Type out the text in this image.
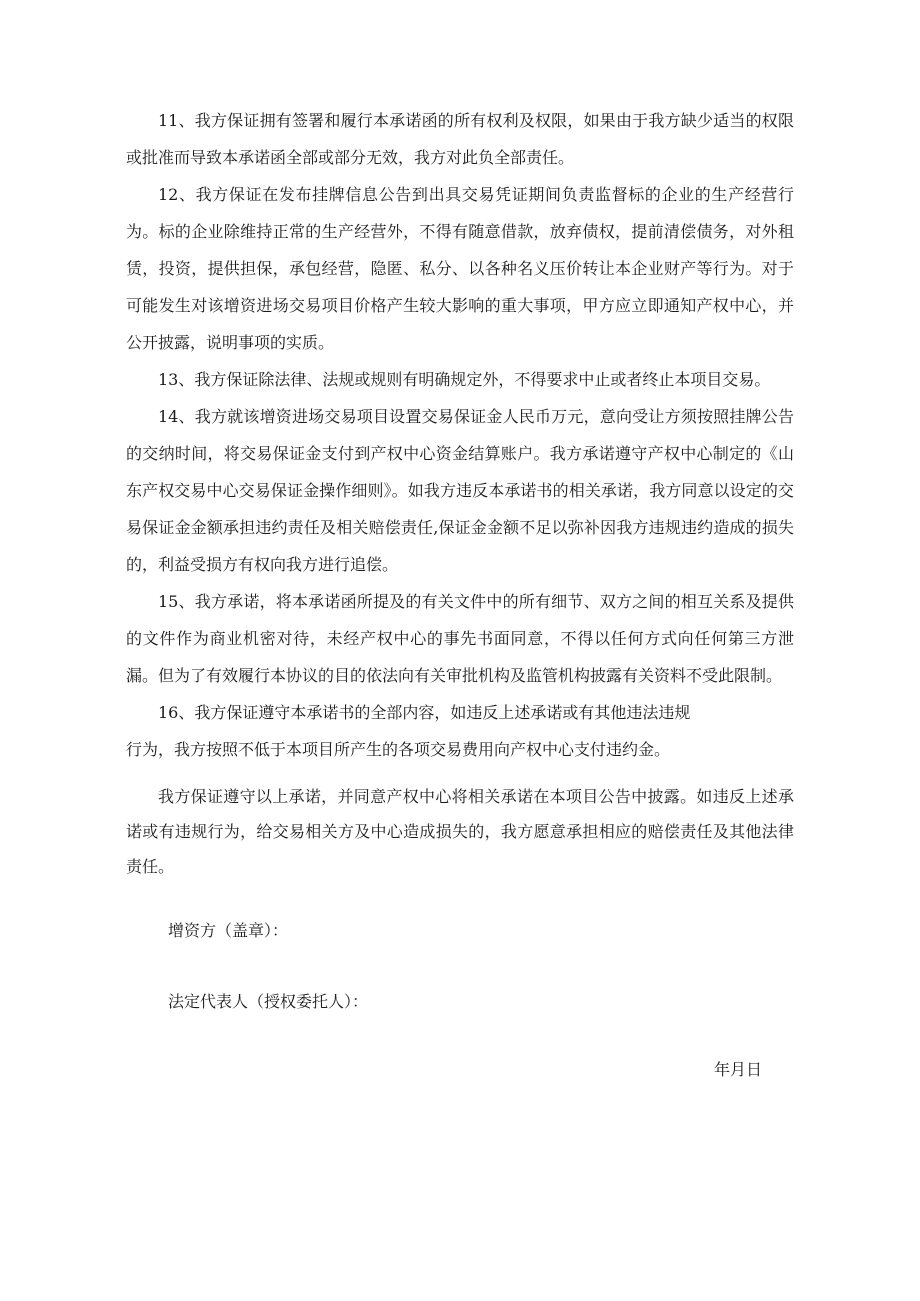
11、我方保证拥有签署和履行本承诺函的所有权利及权限，如果由于我方缺少适当的权限或批准而导致本承诺函全部或部分无效，我方对此负全部责任。

12、我方保证在发布挂牌信息公告到出具交易凭证期间负责监督标的企业的生产经营行为。标的企业除维持正常的生产经营外，不得有随意借款，放弃债权，提前清偿债务，对外租赁，投资，提供担保，承包经营，隐匿、私分、以各种名义压价转让本企业财产等行为。对于可能发生对该增资进场交易项目价格产生较大影响的重大事项，甲方应立即通知产权中心，并公开披露，说明事项的实质。

13、我方保证除法律、法规或规则有明确规定外，不得要求中止或者终止本项目交易。

14、我方就该增资进场交易项目设置交易保证金人民币万元，意向受让方须按照挂牌公告的交纳时间，将交易保证金支付到产权中心资金结算账户。我方承诺遵守产权中心制定的《山东产权交易中心交易保证金操作细则》。如我方违反本承诺书的相关承诺，我方同意以设定的交易保证金金额承担违约责任及相关赔偿责任,保证金金额不足以弥补因我方违规违约造成的损失的，利益受损方有权向我方进行追偿。

15、我方承诺，将本承诺函所提及的有关文件中的所有细节、双方之间的相互关系及提供的文件作为商业机密对待，未经产权中心的事先书面同意，不得以任何方式向任何第三方泄漏。但为了有效履行本协议的目的依法向有关审批机构及监管机构披露有关资料不受此限制。

16、我方保证遵守本承诺书的全部内容，如违反上述承诺或有其他违法违规

行为，我方按照不低于本项目所产生的各项交易费用向产权中心支付违约金。

我方保证遵守以上承诺，并同意产权中心将相关承诺在本项目公告中披露。如违反上述承诺或有违规行为，给交易相关方及中心造成损失的，我方愿意承担相应的赔偿责任及其他法律责任。

增资方（盖章）：

法定代表人（授权委托人）：

年月日
